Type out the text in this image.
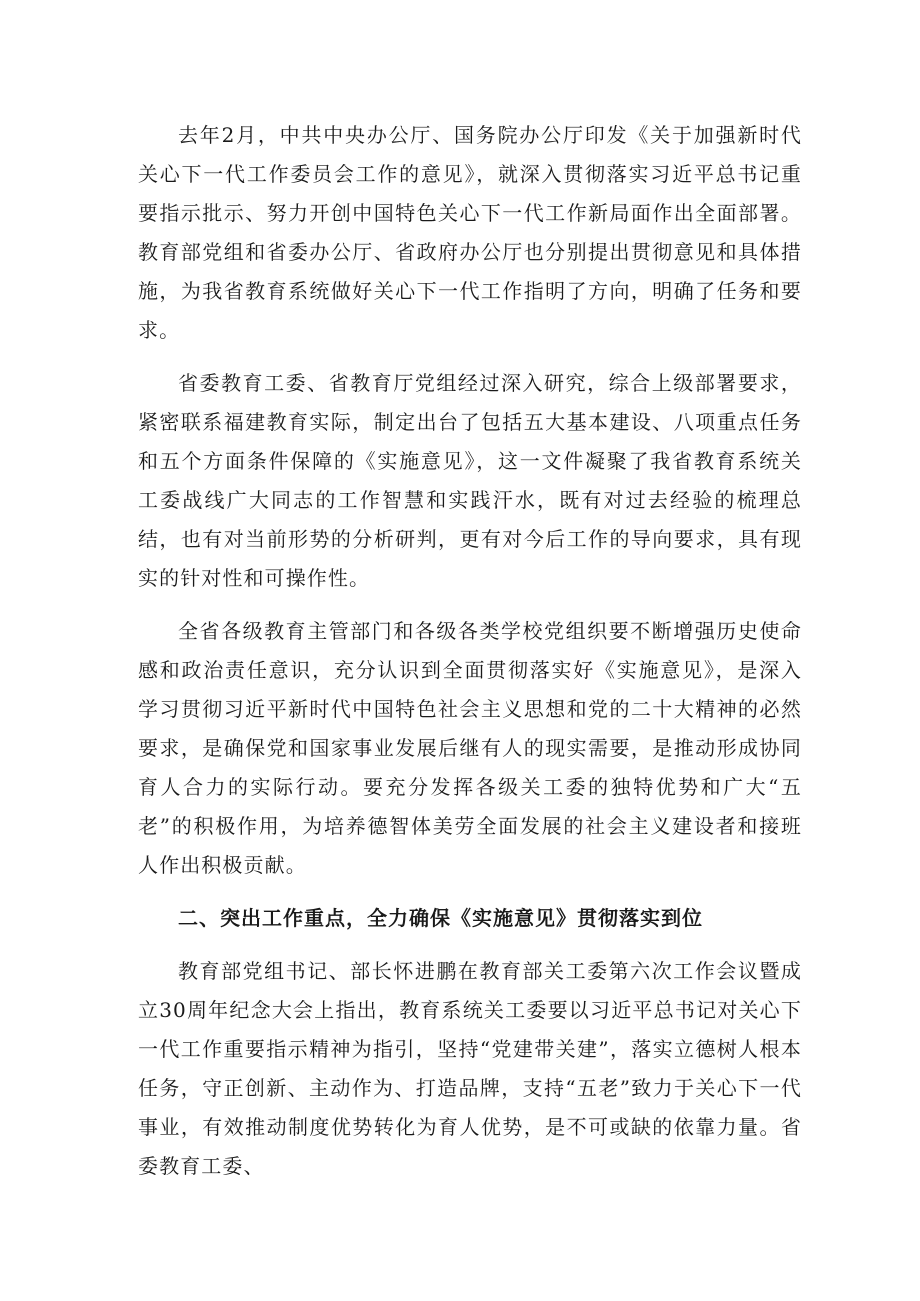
去年2月，中共中央办公厅、国务院办公厅印发《关于加强新时代关心下一代工作委员会工作的意见》，就深入贯彻落实习近平总书记重要指示批示、努力开创中国特色关心下一代工作新局面作出全面部署。教育部党组和省委办公厅、省政府办公厅也分别提出贯彻意见和具体措施，为我省教育系统做好关心下一代工作指明了方向，明确了任务和要求。

省委教育工委、省教育厅党组经过深入研究，综合上级部署要求，紧密联系福建教育实际，制定出台了包括五大基本建设、八项重点任务和五个方面条件保障的《实施意见》，这一文件凝聚了我省教育系统关工委战线广大同志的工作智慧和实践汗水，既有对过去经验的梳理总结，也有对当前形势的分析研判，更有对今后工作的导向要求，具有现实的针对性和可操作性。

全省各级教育主管部门和各级各类学校党组织要不断增强历史使命感和政治责任意识，充分认识到全面贯彻落实好《实施意见》，是深入学习贯彻习近平新时代中国特色社会主义思想和党的二十大精神的必然要求，是确保党和国家事业发展后继有人的现实需要，是推动形成协同育人合力的实际行动。要充分发挥各级关工委的独特优势和广大“五老”的积极作用，为培养德智体美劳全面发展的社会主义建设者和接班人作出积极贡献。

二、突出工作重点，全力确保《实施意见》贯彻落实到位

教育部党组书记、部长怀进鹏在教育部关工委第六次工作会议暨成立30周年纪念大会上指出，教育系统关工委要以习近平总书记对关心下一代工作重要指示精神为指引，坚持“党建带关建”，落实立德树人根本任务，守正创新、主动作为、打造品牌，支持“五老”致力于关心下一代事业，有效推动制度优势转化为育人优势，是不可或缺的依靠力量。省委教育工委、
